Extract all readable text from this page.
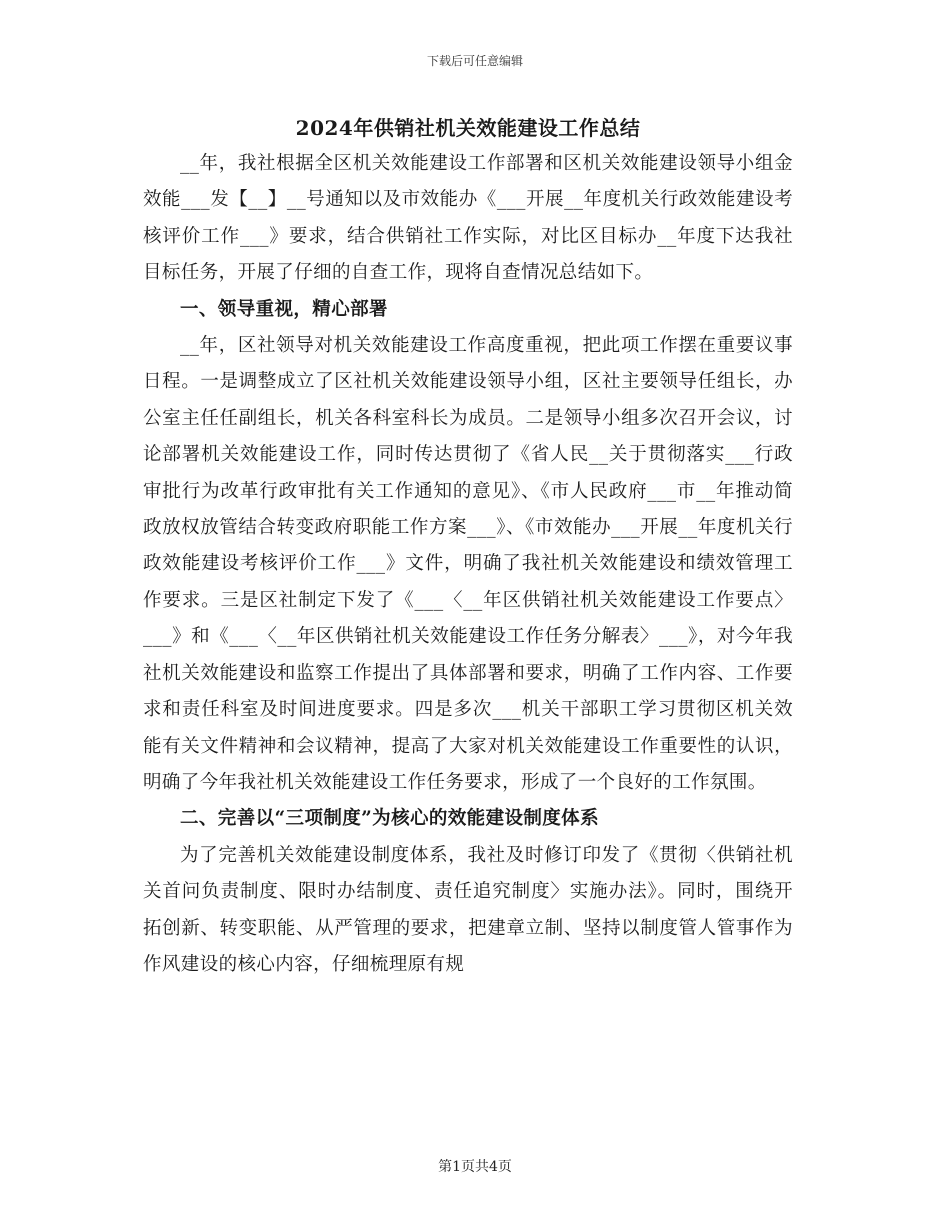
下载后可任意编辑
2024年供销社机关效能建设工作总结

__年，我社根据全区机关效能建设工作部署和区机关效能建设领导小组金效能___发【__】__号通知以及市效能办《___开展__年度机关行政效能建设考核评价工作___》要求，结合供销社工作实际，对比区目标办__年度下达我社目标任务，开展了仔细的自查工作，现将自查情况总结如下。

一、领导重视，精心部署

__年，区社领导对机关效能建设工作高度重视，把此项工作摆在重要议事日程。一是调整成立了区社机关效能建设领导小组，区社主要领导任组长，办公室主任任副组长，机关各科室科长为成员。二是领导小组多次召开会议，讨论部署机关效能建设工作，同时传达贯彻了《省人民__关于贯彻落实___行政审批行为改革行政审批有关工作通知的意见》、《市人民政府___市__年推动简政放权放管结合转变政府职能工作方案___》、《市效能办___开展__年度机关行政效能建设考核评价工作___》文件，明确了我社机关效能建设和绩效管理工作要求。三是区社制定下发了《___〈__年区供销社机关效能建设工作要点〉___》和《___〈__年区供销社机关效能建设工作任务分解表〉___》，对今年我社机关效能建设和监察工作提出了具体部署和要求，明确了工作内容、工作要求和责任科室及时间进度要求。四是多次___机关干部职工学习贯彻区机关效能有关文件精神和会议精神，提高了大家对机关效能建设工作重要性的认识，明确了今年我社机关效能建设工作任务要求，形成了一个良好的工作氛围。

二、完善以“三项制度”为核心的效能建设制度体系

为了完善机关效能建设制度体系，我社及时修订印发了《贯彻〈供销社机关首问负责制度、限时办结制度、责任追究制度〉实施办法》。同时，围绕开拓创新、转变职能、从严管理的要求，把建章立制、坚持以制度管人管事作为作风建设的核心内容，仔细梳理原有规

第1页共4页
